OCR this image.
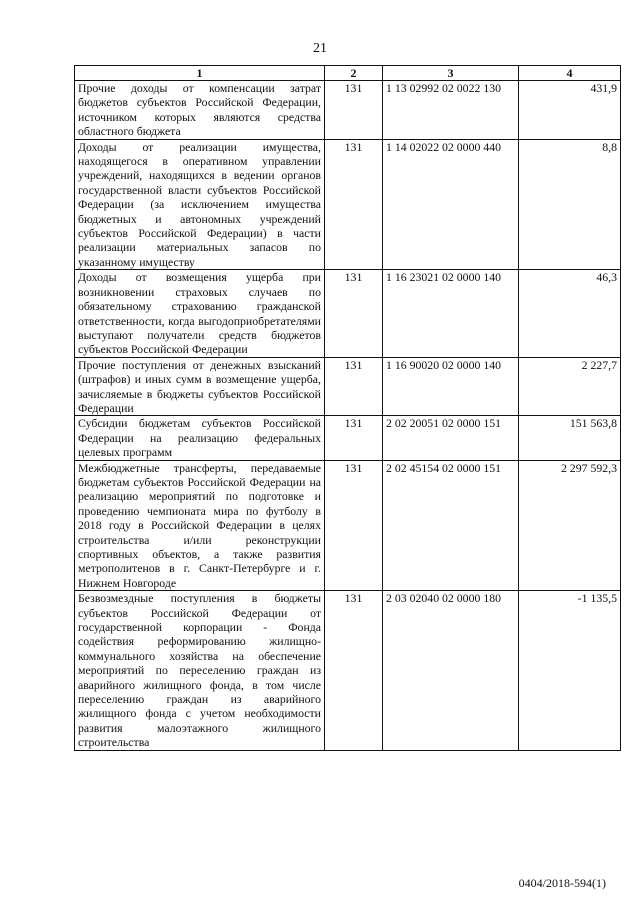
21
1	2	3	4
Прочие доходы от компенсации затрат бюджетов субъектов Российской Федерации, источником которых являются средства областного бюджета	131	1 13 02992 02 0022 130	431,9
Доходы от реализации имущества, находящегося в оперативном управлении учреждений, находящихся в ведении органов государственной власти субъектов Российской Федерации (за исключением имущества бюджетных и автономных учреждений субъектов Российской Федерации) в части реализации материальных запасов по указанному имуществу	131	1 14 02022 02 0000 440	8,8
Доходы от возмещения ущерба при возникновении страховых случаев по обязательному страхованию гражданской ответственности, когда выгодоприобретателями выступают получатели средств бюджетов субъектов Российской Федерации	131	1 16 23021 02 0000 140	46,3
Прочие поступления от денежных взысканий (штрафов) и иных сумм в возмещение ущерба, зачисляемые в бюджеты субъектов Российской Федерации	131	1 16 90020 02 0000 140	2 227,7
Субсидии бюджетам субъектов Российской Федерации на реализацию федеральных целевых программ	131	2 02 20051 02 0000 151	151 563,8
Межбюджетные трансферты, передаваемые бюджетам субъектов Российской Федерации на реализацию мероприятий по подготовке и проведению чемпионата мира по футболу в 2018 году в Российской Федерации в целях строительства и/или реконструкции спортивных объектов, а также развития метрополитенов в г. Санкт-Петербурге и г. Нижнем Новгороде	131	2 02 45154 02 0000 151	2 297 592,3
Безвозмездные поступления в бюджеты субъектов Российской Федерации от государственной корпорации - Фонда содействия реформированию жилищно-коммунального хозяйства на обеспечение мероприятий по переселению граждан из аварийного жилищного фонда, в том числе переселению граждан из аварийного жилищного фонда с учетом необходимости развития малоэтажного жилищного строительства	131	2 03 02040 02 0000 180	-1 135,5
0404/2018-594(1)
